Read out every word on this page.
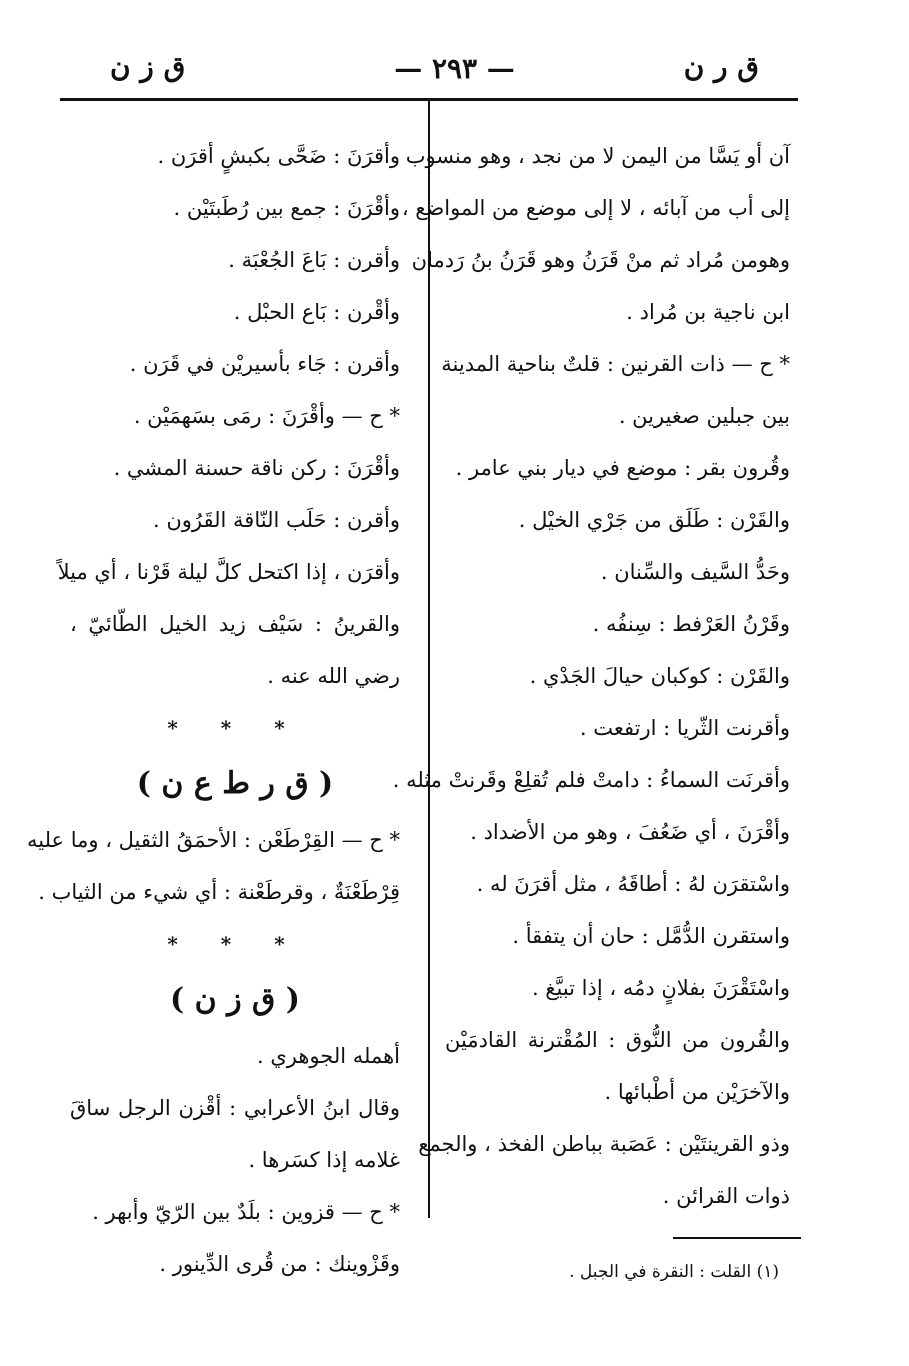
ق ر ن
— ٢٩٣ —
ق ز ن
آن أو يَسَّا من اليمن لا من نجد ، وهو منسوب
إلى أب من آبائه ، لا إلى موضع من المواضع ،
وهومن مُراد ثم منْ قَرَنُ وهو قَرَنُ بنُ رَدمان
ابن ناجية بن مُراد .
* ح — ذات القرنين : قلتٌ بناحية المدينة
بين جبلين صغيرين .
وقُرون بقر : موضع في ديار بني عامر .
والقَرْن : طَلَق من جَرْي الخيْل .
وحَدُّ السَّيف والسِّنان .
وقَرْنُ العَرْفط : سِنفُه .
والقَرْن : كوكبان حيالَ الجَدْي .
وأقرنت الثّريا : ارتفعت .
وأقرنَت السماءُ : دامتْ فلم تُقلِعْ وقَرنتْ مثله .
وأقْرَنَ ، أي ضَعُفَ ، وهو من الأضداد .
واسْتقرَن لهُ : أطاقَهُ ، مثل أقرَنَ له .
واستقرن الدُّمَّل : حان أن يتفقأ .
واسْتَقْرَنَ بفلانٍ دمُه ، إذا تبيَّغ .
والقُرون من النُّوق : المُقْترنة القادمَيْن
والآخرَيْن من أطْبائها .
وذو القرينتَيْن : عَصَبة بباطن الفخذ ، والجمع
ذوات القرائن .
وأقرَنَ : ضَحَّى بكبشٍ أقرَن .
وأقْرَنَ : جمع بين رُطَبتَيْن .
وأقرن : بَاعَ الجُعْبَة .
وأقْرن : بَاع الحبْل .
وأقرن : جَاء بأسيريْن في قَرَن .
* ح — وأقْرَنَ : رمَى بسَهمَيْن .
وأقْرَنَ : ركن ناقة حسنة المشي .
وأقرن : حَلَب النّاقة القَرُون .
وأقرَن ، إذا اكتحل كلَّ ليلة قَرْنا ، أي ميلاً
والقرينُ : سَيْف زيد الخيل الطّائيّ ،
رضي الله عنه .
* * *
( ق ر ط ع ن )
* ح — القِرْطَعْن : الأحمَقُ الثقيل ، وما عليه
قِرْطَعْنَةٌ ، وقرطَعْنة : أي شيء من الثياب .
* * *
( ق ز ن )
أهمله الجوهري .
وقال ابنُ الأعرابي : أقْزن الرجل ساقَ
غلامه إذا كسَرها .
* ح — قزوين : بلَدٌ بين الرّيّ وأبهر .
وقَزْوينك : من قُرى الدِّينور .	(١) القلت : النقرة في الجبل .
